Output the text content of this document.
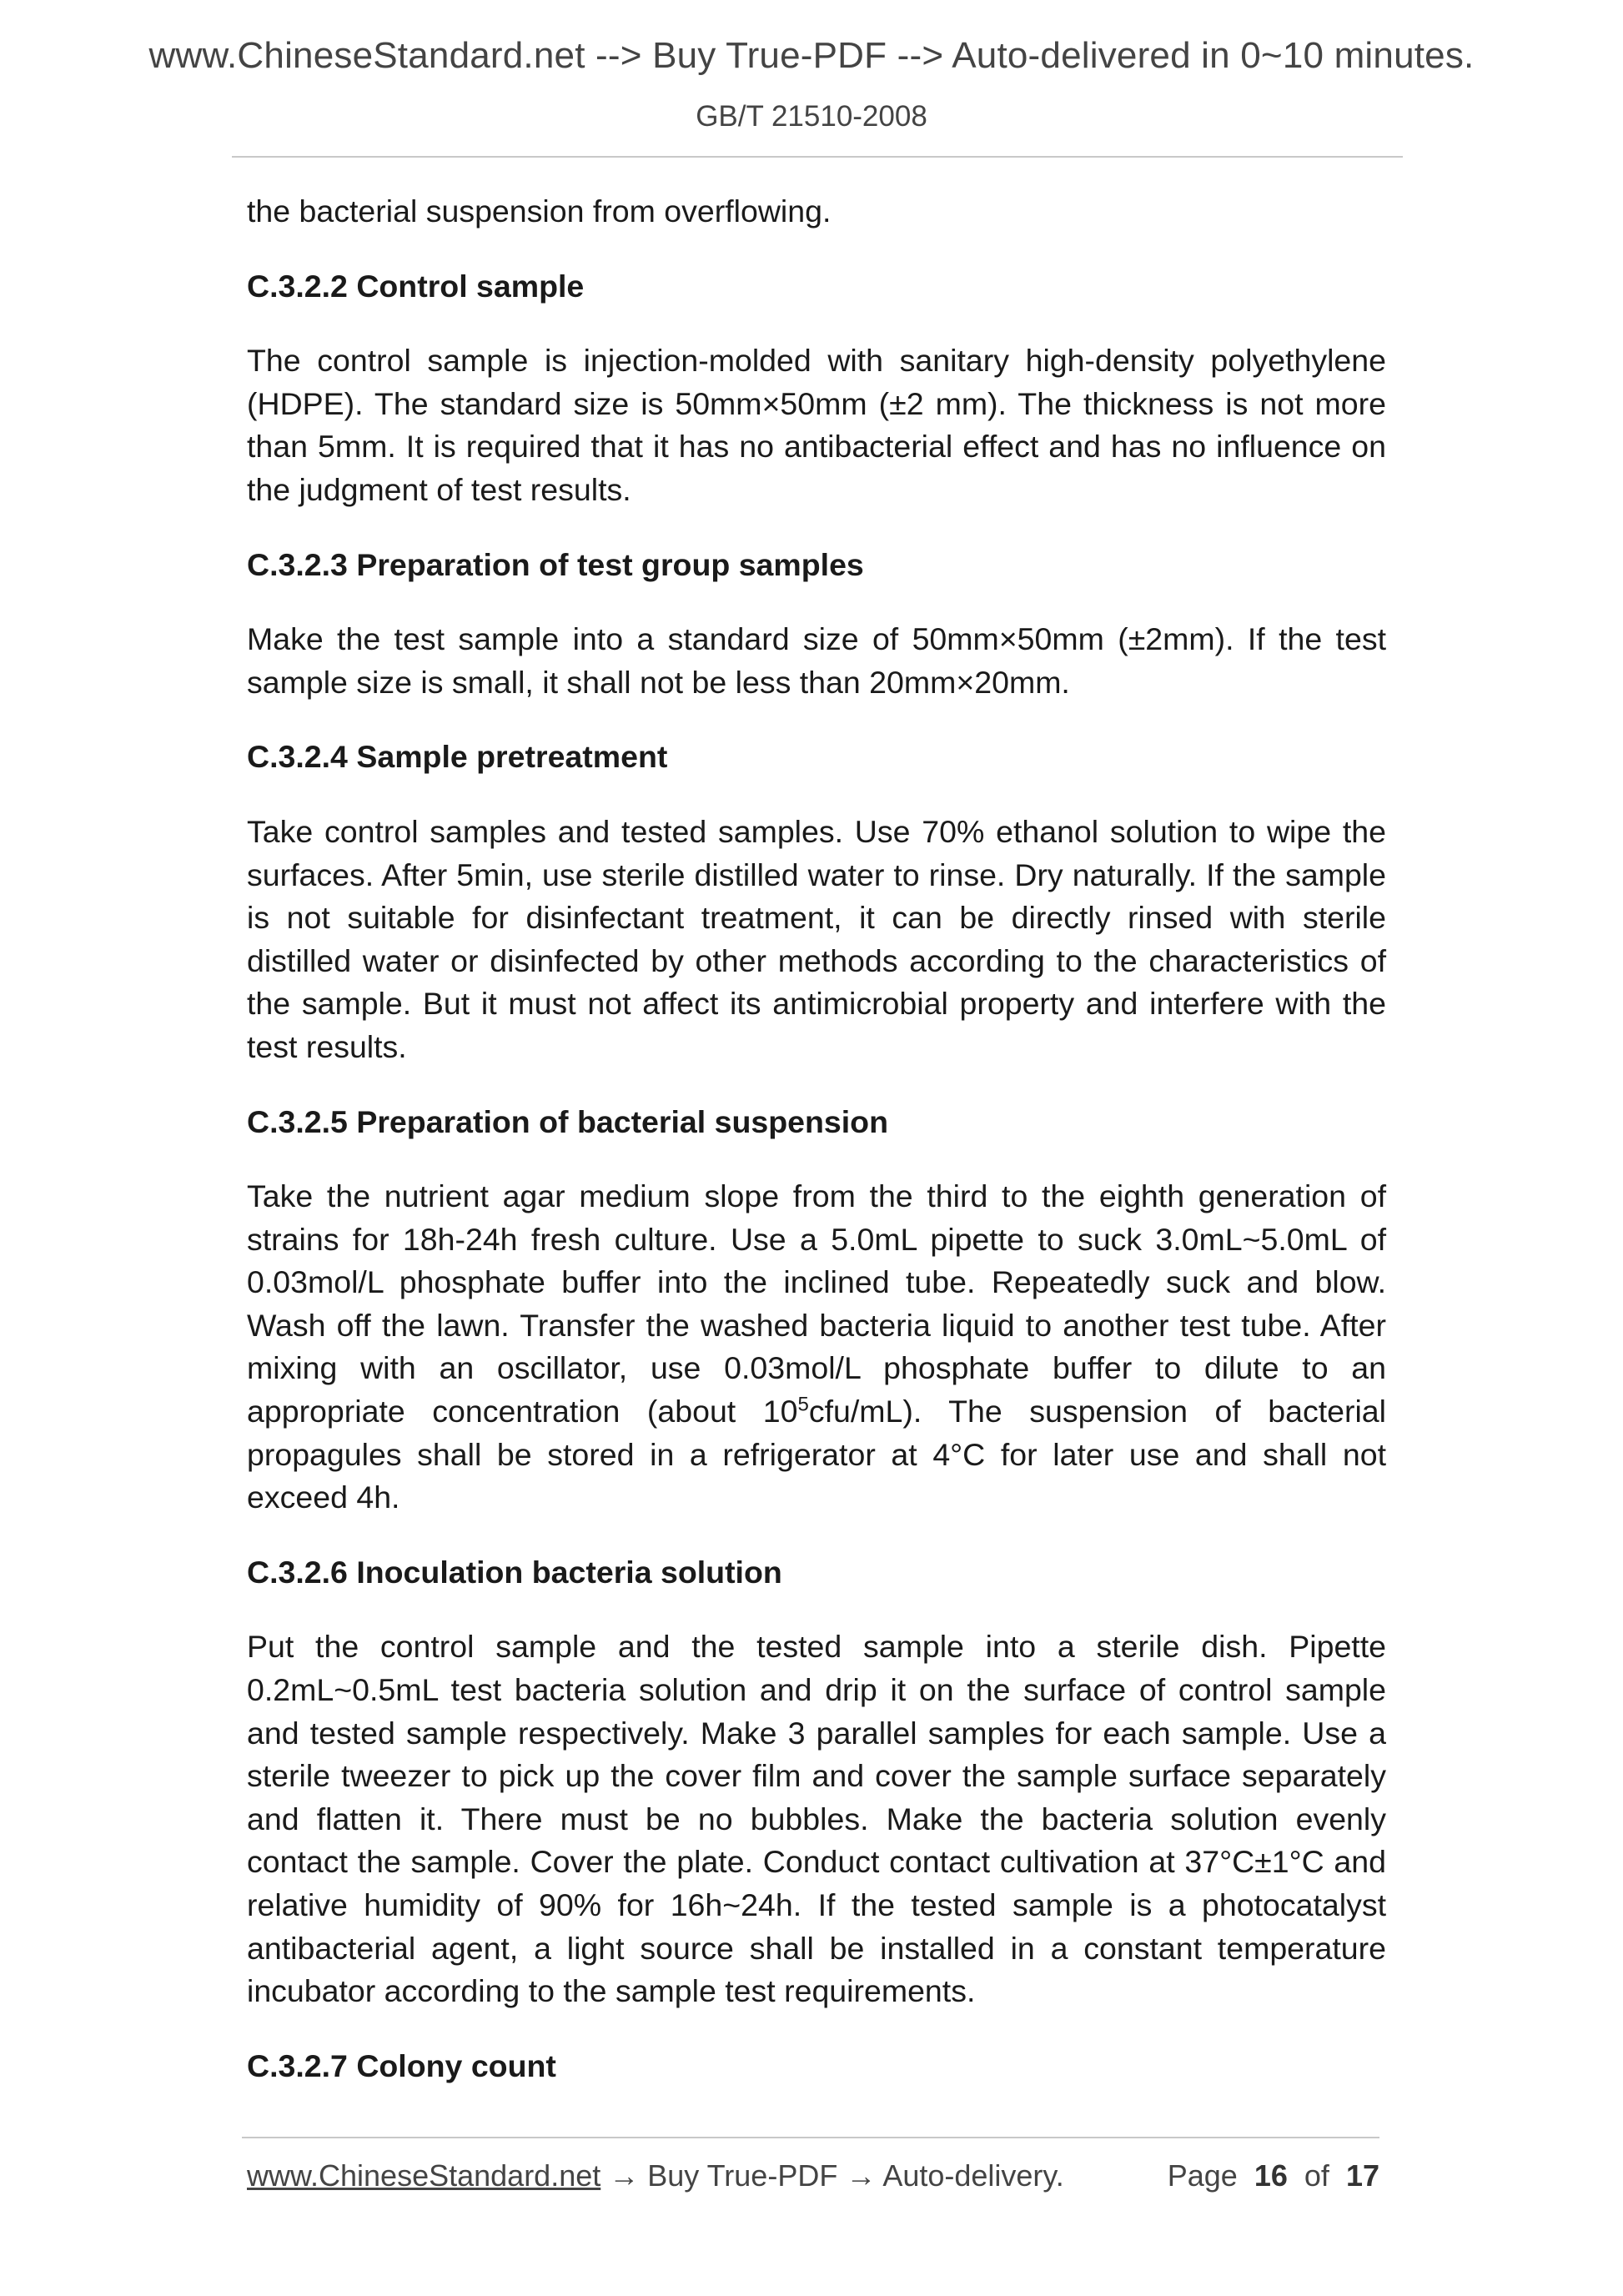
www.ChineseStandard.net --> Buy True-PDF --> Auto-delivered in 0~10 minutes.
GB/T 21510-2008

the bacterial suspension from overflowing.

C.3.2.2 Control sample

The control sample is injection-molded with sanitary high-density polyethylene (HDPE). The standard size is 50mm×50mm (±2 mm). The thickness is not more than 5mm. It is required that it has no antibacterial effect and has no influence on the judgment of test results.

C.3.2.3 Preparation of test group samples

Make the test sample into a standard size of 50mm×50mm (±2mm). If the test sample size is small, it shall not be less than 20mm×20mm.

C.3.2.4 Sample pretreatment

Take control samples and tested samples. Use 70% ethanol solution to wipe the surfaces. After 5min, use sterile distilled water to rinse. Dry naturally. If the sample is not suitable for disinfectant treatment, it can be directly rinsed with sterile distilled water or disinfected by other methods according to the characteristics of the sample. But it must not affect its antimicrobial property and interfere with the test results.

C.3.2.5 Preparation of bacterial suspension

Take the nutrient agar medium slope from the third to the eighth generation of strains for 18h-24h fresh culture. Use a 5.0mL pipette to suck 3.0mL~5.0mL of 0.03mol/L phosphate buffer into the inclined tube. Repeatedly suck and blow. Wash off the lawn. Transfer the washed bacteria liquid to another test tube. After mixing with an oscillator, use 0.03mol/L phosphate buffer to dilute to an appropriate concentration (about $10^5cfu/mL$). The suspension of bacterial propagules shall be stored in a refrigerator at 4°C for later use and shall not exceed 4h.

C.3.2.6 Inoculation bacteria solution

Put the control sample and the tested sample into a sterile dish. Pipette 0.2mL~0.5mL test bacteria solution and drip it on the surface of control sample and tested sample respectively. Make 3 parallel samples for each sample. Use a sterile tweezer to pick up the cover film and cover the sample surface separately and flatten it. There must be no bubbles. Make the bacteria solution evenly contact the sample. Cover the plate. Conduct contact cultivation at 37°C±1°C and relative humidity of 90% for 16h~24h. If the tested sample is a photocatalyst antibacterial agent, a light source shall be installed in a constant temperature incubator according to the sample test requirements.

C.3.2.7 Colony count

www.ChineseStandard.net → Buy True-PDF → Auto-delivery.	Page 16 of 17
